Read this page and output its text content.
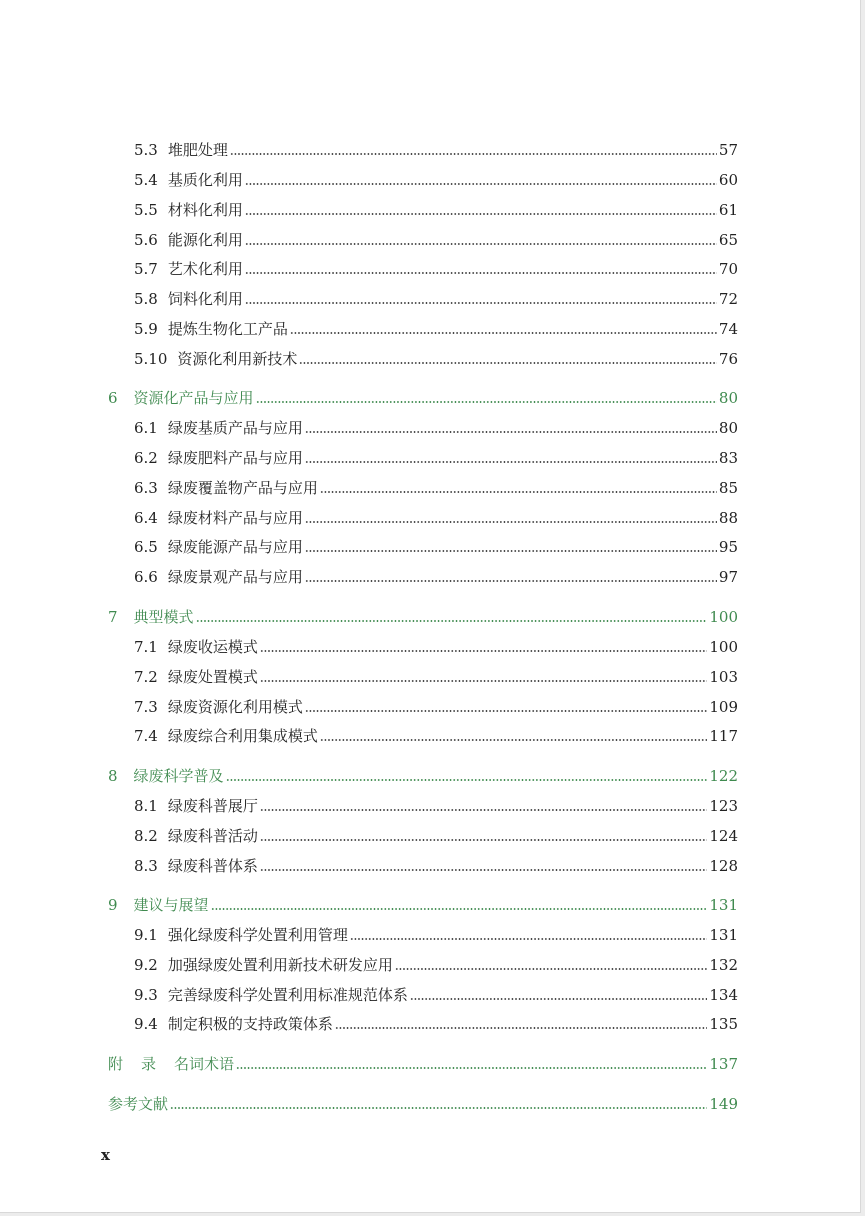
5.3 堆肥处理	57
5.4 基质化利用	60
5.5 材料化利用	61
5.6 能源化利用	65
5.7 艺术化利用	70
5.8 饲料化利用	72
5.9 提炼生物化工产品	74
5.10 资源化利用新技术	76
6 资源化产品与应用	80
6.1 绿废基质产品与应用	80
6.2 绿废肥料产品与应用	83
6.3 绿废覆盖物产品与应用	85
6.4 绿废材料产品与应用	88
6.5 绿废能源产品与应用	95
6.6 绿废景观产品与应用	97
7 典型模式	100
7.1 绿废收运模式	100
7.2 绿废处置模式	103
7.3 绿废资源化利用模式	109
7.4 绿废综合利用集成模式	117
8 绿废科学普及	122
8.1 绿废科普展厅	123
8.2 绿废科普活动	124
8.3 绿废科普体系	128
9 建议与展望	131
9.1 强化绿废科学处置利用管理	131
9.2 加强绿废处置利用新技术研发应用	132
9.3 完善绿废科学处置利用标准规范体系	134
9.4 制定积极的支持政策体系	135
附 录 名词术语	137
参考文献	149
x
